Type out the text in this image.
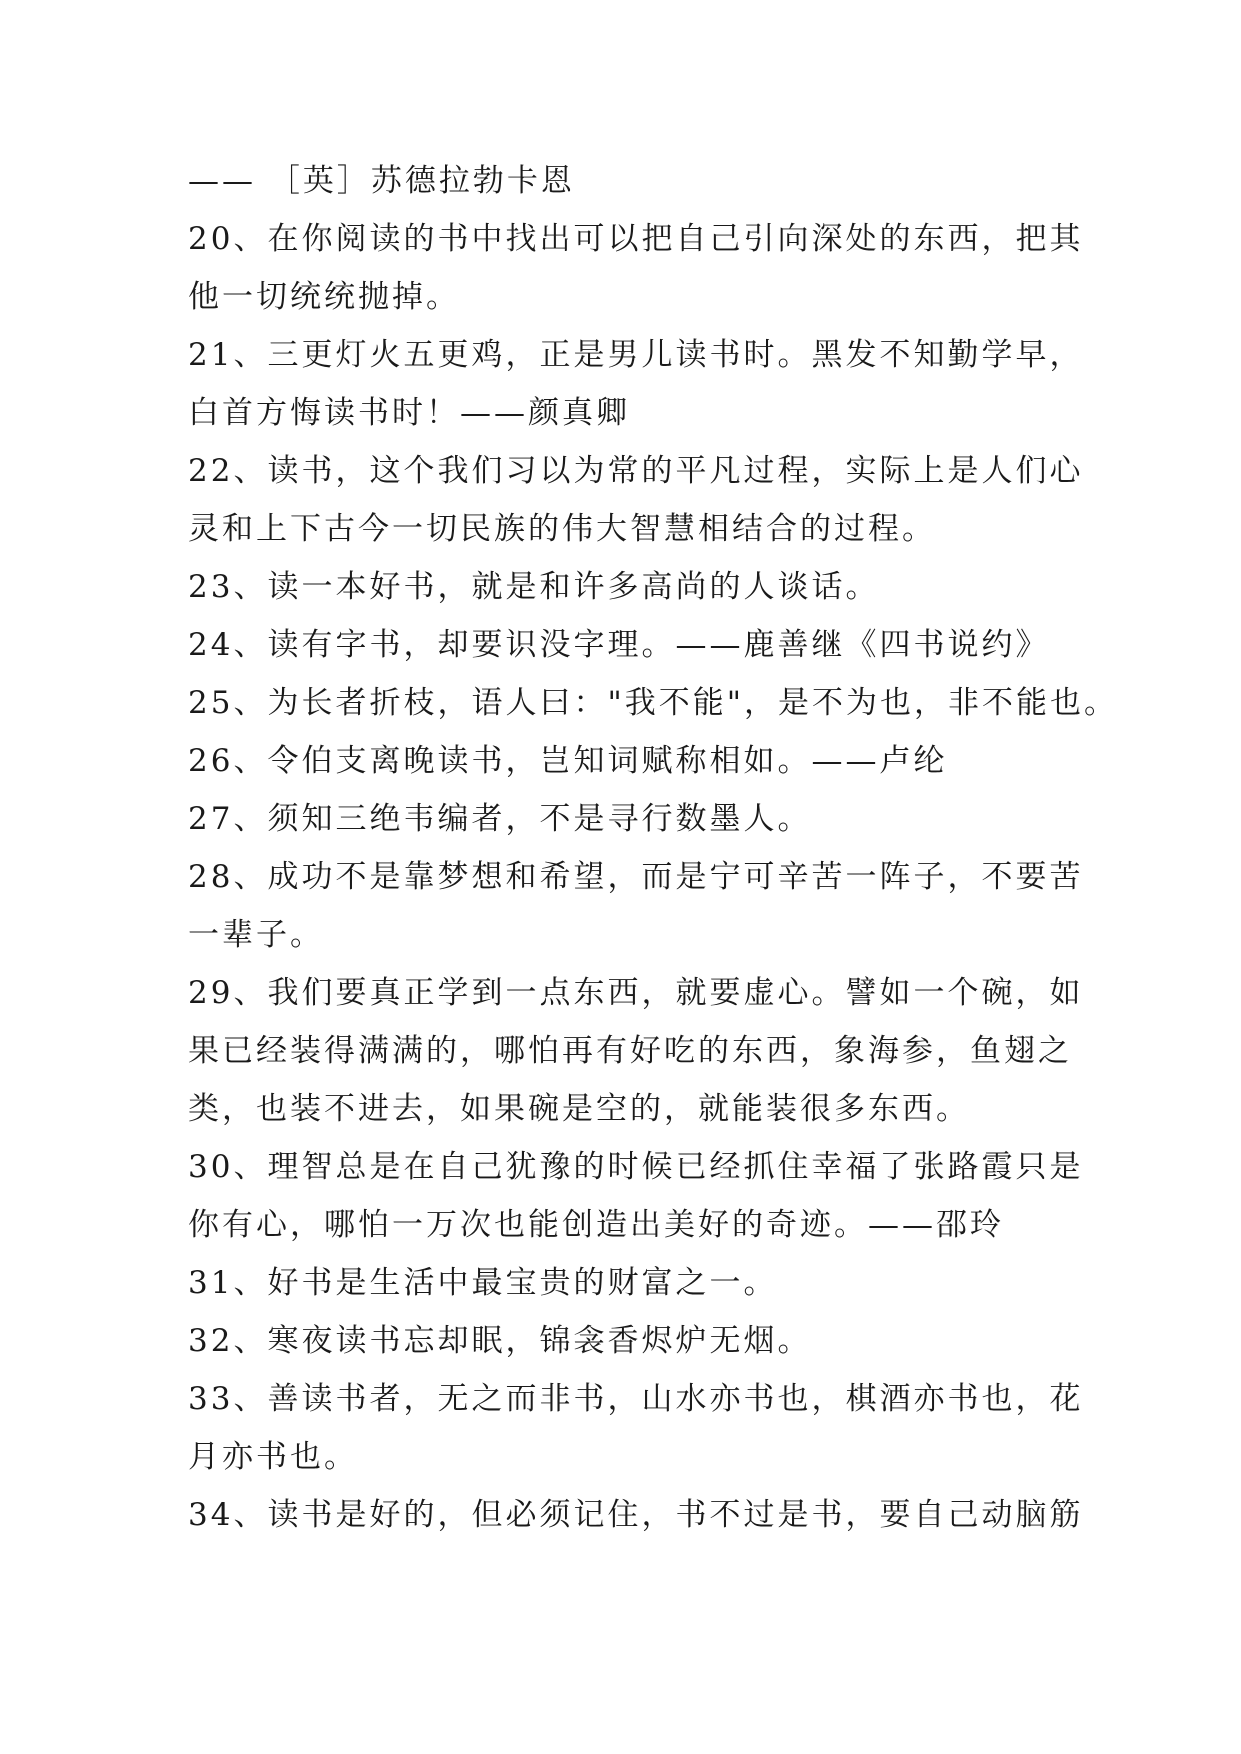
—— ［英］苏德拉勃卡恩
20、在你阅读的书中找出可以把自己引向深处的东西，把其
他一切统统抛掉。
21、三更灯火五更鸡，正是男儿读书时。黑发不知勤学早，
白首方悔读书时！——颜真卿
22、读书，这个我们习以为常的平凡过程，实际上是人们心
灵和上下古今一切民族的伟大智慧相结合的过程。
23、读一本好书，就是和许多高尚的人谈话。
24、读有字书，却要识没字理。——鹿善继《四书说约》
25、为长者折枝，语人曰："我不能"，是不为也，非不能也。
26、令伯支离晚读书，岂知词赋称相如。——卢纶
27、须知三绝韦编者，不是寻行数墨人。
28、成功不是靠梦想和希望，而是宁可辛苦一阵子，不要苦
一辈子。
29、我们要真正学到一点东西，就要虚心。譬如一个碗，如
果已经装得满满的，哪怕再有好吃的东西，象海参，鱼翅之
类，也装不进去，如果碗是空的，就能装很多东西。
30、理智总是在自己犹豫的时候已经抓住幸福了张路霞只是
你有心，哪怕一万次也能创造出美好的奇迹。——邵玲
31、好书是生活中最宝贵的财富之一。
32、寒夜读书忘却眠，锦衾香烬炉无烟。
33、善读书者，无之而非书，山水亦书也，棋酒亦书也，花
月亦书也。
34、读书是好的，但必须记住，书不过是书，要自己动脑筋
